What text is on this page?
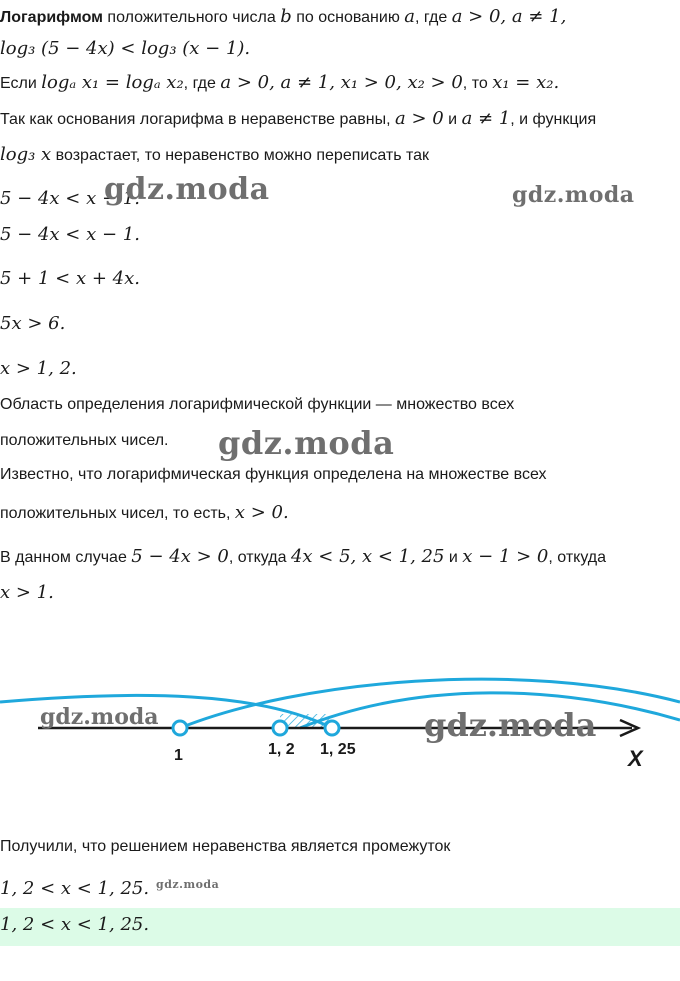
Логарифмом положительного числа b по основанию a, где a > 0, a ≠ 1,
log₃ (5 − 4x) < log₃ (x − 1).
Если logₐ x₁ = logₐ x₂, где a > 0, a ≠ 1, x₁ > 0, x₂ > 0, то x₁ = x₂.
Так как основания логарифма в неравенстве равны, a > 0 и a ≠ 1, и функция
log₃ x возрастает, то неравенство можно переписать так
5 − 4x < x − 1.
gdz.moda	gdz.moda
5 − 4x < x − 1.
5 + 1 < x + 4x.
5x > 6.
x > 1, 2.
Область определения логарифмической функции — множество всех
положительных чисел. gdz.moda
Известно, что логарифмическая функция определена на множестве всех
положительных чисел, то есть, x > 0.
В данном случае 5 − 4x > 0, откуда 4x < 5, x < 1, 25 и x − 1 > 0, откуда
x > 1.
1	1, 2 1, 25	X
gdz.moda	gdz.moda
Получили, что решением неравенства является промежуток
1, 2 < x < 1, 25. gdz.moda
1, 2 < x < 1, 25.
